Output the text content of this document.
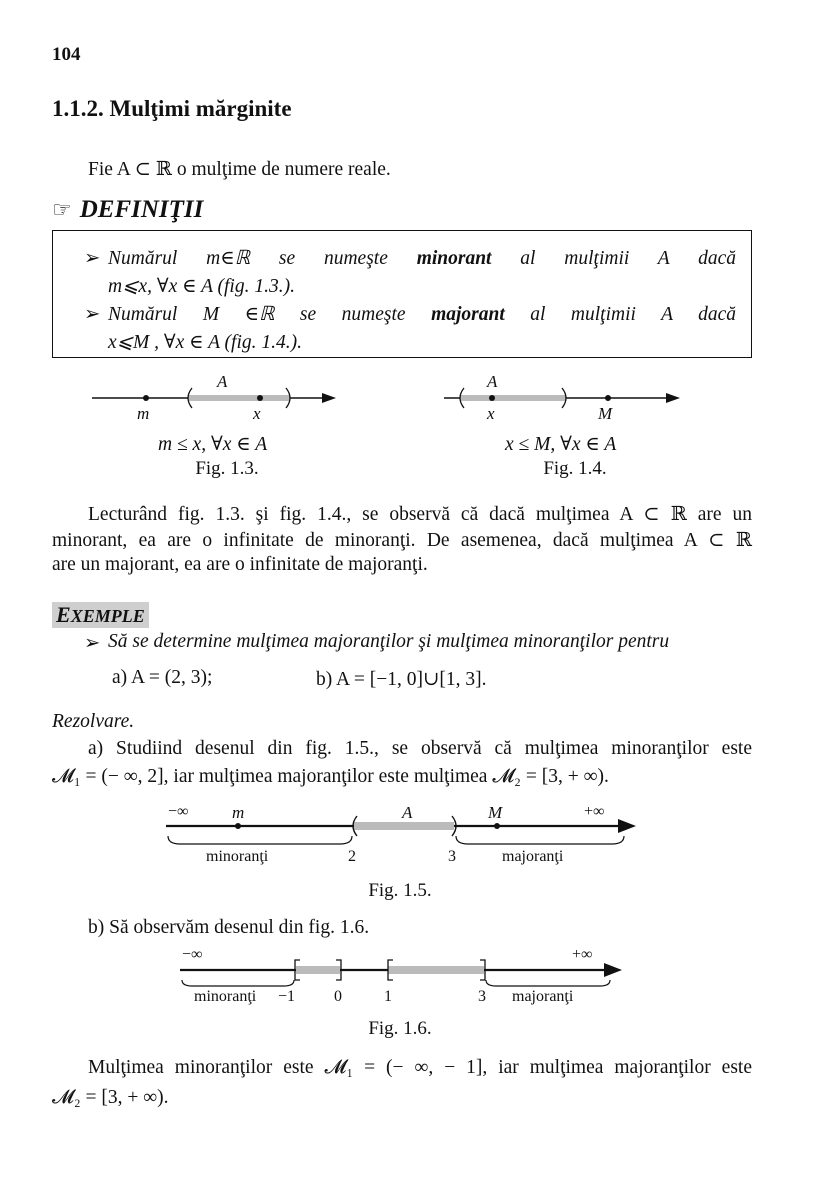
104
1.1.2. Mulţimi mărginite
Fie A ⊂ ℝ o mulţime de numere reale.
☞ DEFINIŢII
➢ Numărul m∈ℝ se numeşte minorant al mulţimii A dacă
m⩽x, ∀x ∈ A (fig. 1.3.).
➢ Numărul M ∈ℝ se numeşte majorant al mulţimii A dacă
x⩽M , ∀x ∈ A (fig. 1.4.).
A
m	x
m ≤ x, ∀x ∈ A
Fig. 1.3.
A
x	M
x ≤ M, ∀x ∈ A
Fig. 1.4.
Lecturând fig. 1.3. şi fig. 1.4., se observă că dacă mulţimea A ⊂ ℝ are un
minorant, ea are o infinitate de minoranţi. De asemenea, dacă mulţimea A ⊂ ℝ
are un majorant, ea are o infinitate de majoranţi.
EXEMPLE
➢ Să se determine mulţimea majoranţilor şi mulţimea minoranţilor pentru
a) A = (2, 3);	b) A = [−1, 0]∪[1, 3].
Rezolvare.
a) Studiind desenul din fig. 1.5., se observă că mulţimea minoranţilor este
𝓜₁ = (− ∞, 2], iar mulţimea majoranţilor este mulţimea 𝓜₂ = [3, + ∞).
−∞	m	A	M	+∞
minoranţi	2	3	majoranţi
Fig. 1.5.
b) Să observăm desenul din fig. 1.6.
−∞	+∞
minoranţi −1 0	1	3 majoranţi
Fig. 1.6.
Mulţimea minoranţilor este 𝓜₁ = (− ∞, − 1], iar mulţimea majoranţilor este
𝓜₂ = [3, + ∞).
